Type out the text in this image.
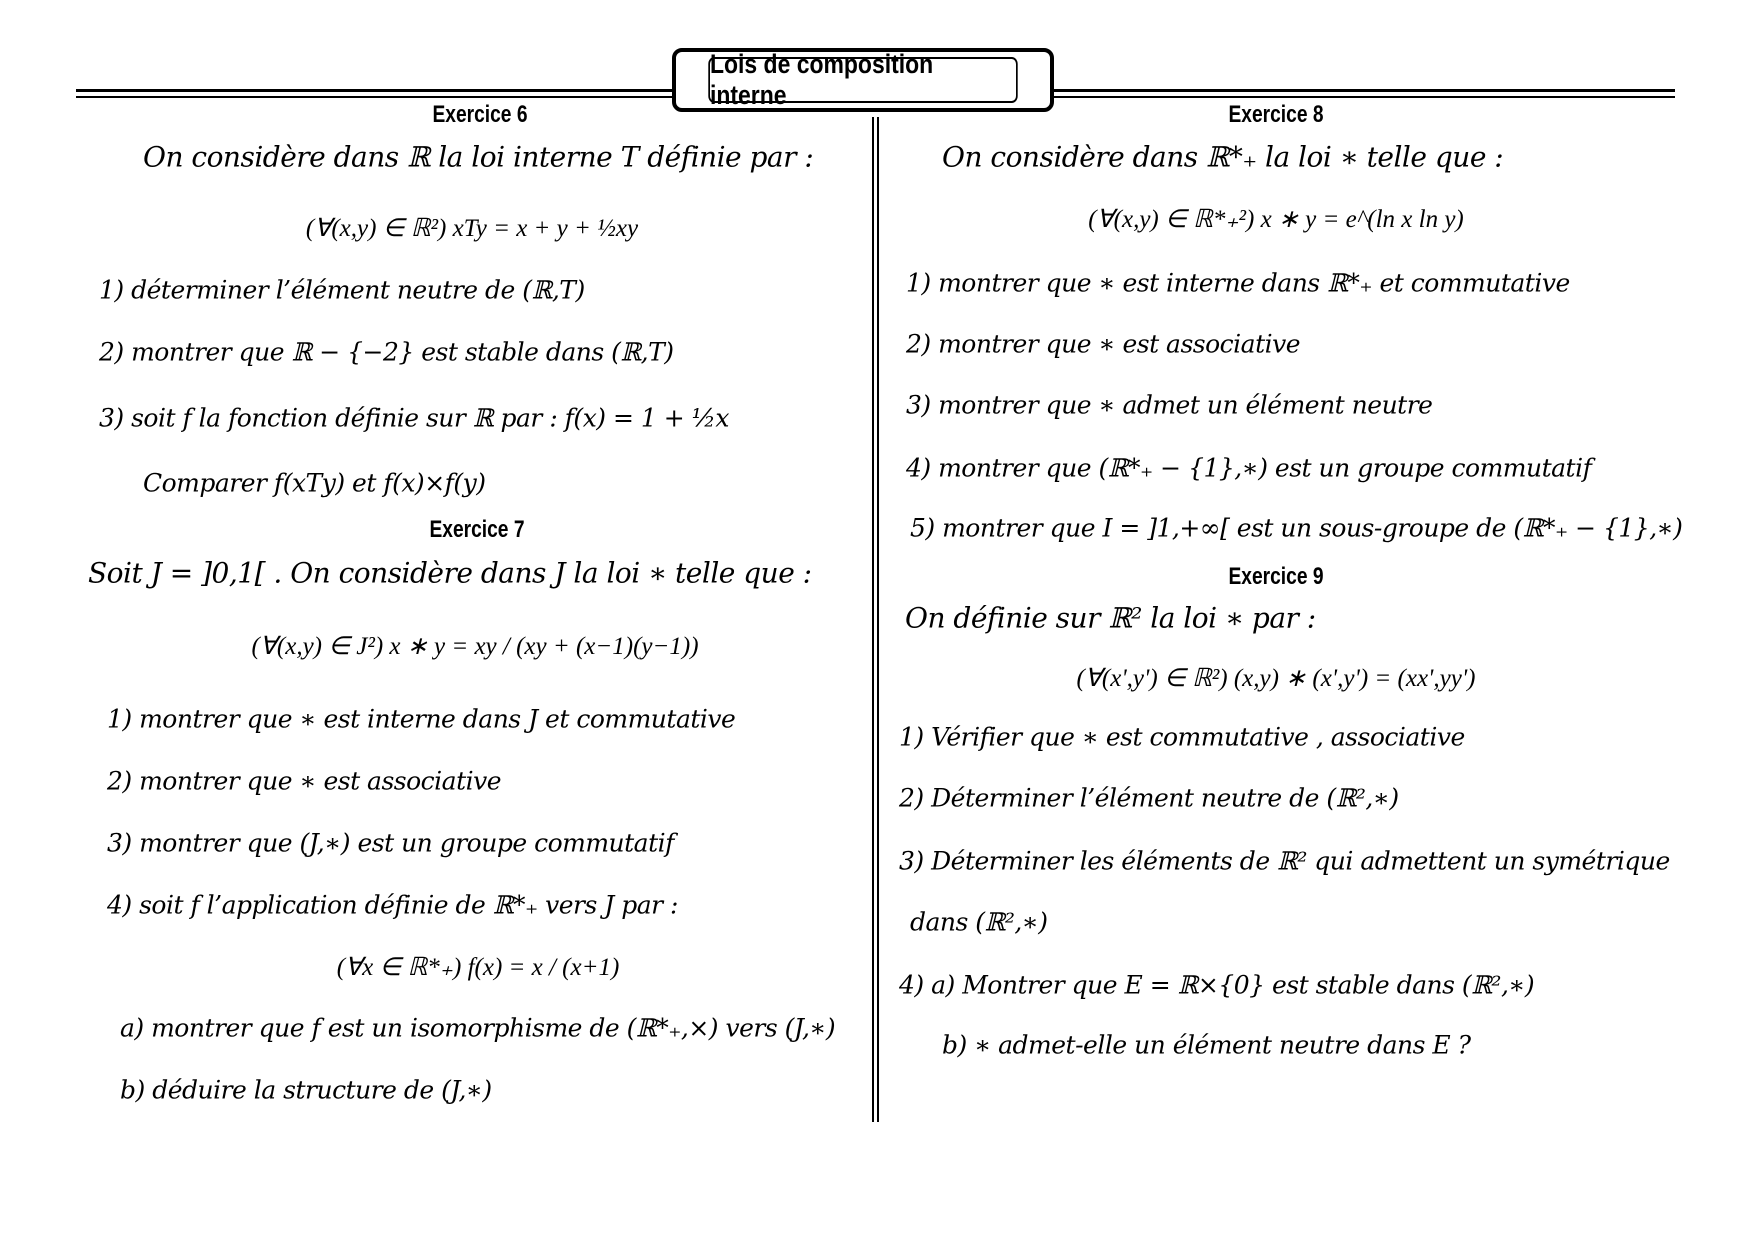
Lois de composition interne
Exercice 6
On considère dans ℝ la loi interne T définie par :
(∀(x,y) ∈ ℝ²) xTy = x + y + ½xy
1) déterminer l’élément neutre de (ℝ,T)
2) montrer que ℝ − {−2} est stable dans (ℝ,T)
3) soit f la fonction définie sur ℝ par : f(x) = 1 + ½x
Comparer f(xTy) et f(x)×f(y)
Exercice 7
Soit J = ]0,1[ . On considère dans J la loi ∗ telle que :
(∀(x,y) ∈ J²) x ∗ y = xy / (xy + (x−1)(y−1))
1) montrer que ∗ est interne dans J et commutative
2) montrer que ∗ est associative
3) montrer que (J,∗) est un groupe commutatif
4) soit f l’application définie de ℝ*₊ vers J par :
(∀x ∈ ℝ*₊) f(x) = x / (x+1)
a) montrer que f est un isomorphisme de (ℝ*₊,×) vers (J,∗)
b) déduire la structure de (J,∗)
Exercice 8
On considère dans ℝ*₊ la loi ∗ telle que :
(∀(x,y) ∈ ℝ*₊²) x ∗ y = e^(ln x ln y)
1) montrer que ∗ est interne dans ℝ*₊ et commutative
2) montrer que ∗ est associative
3) montrer que ∗ admet un élément neutre
4) montrer que (ℝ*₊ − {1},∗) est un groupe commutatif
5) montrer que I = ]1,+∞[ est un sous-groupe de (ℝ*₊ − {1},∗)
Exercice 9
On définie sur ℝ² la loi ∗ par :
(∀(x',y') ∈ ℝ²) (x,y) ∗ (x',y') = (xx',yy')
1) Vérifier que ∗ est commutative , associative
2) Déterminer l’élément neutre de (ℝ²,∗)
3) Déterminer les éléments de ℝ² qui admettent un symétrique
dans (ℝ²,∗)
4) a) Montrer que E = ℝ×{0} est stable dans (ℝ²,∗)
b) ∗ admet-elle un élément neutre dans E ?
